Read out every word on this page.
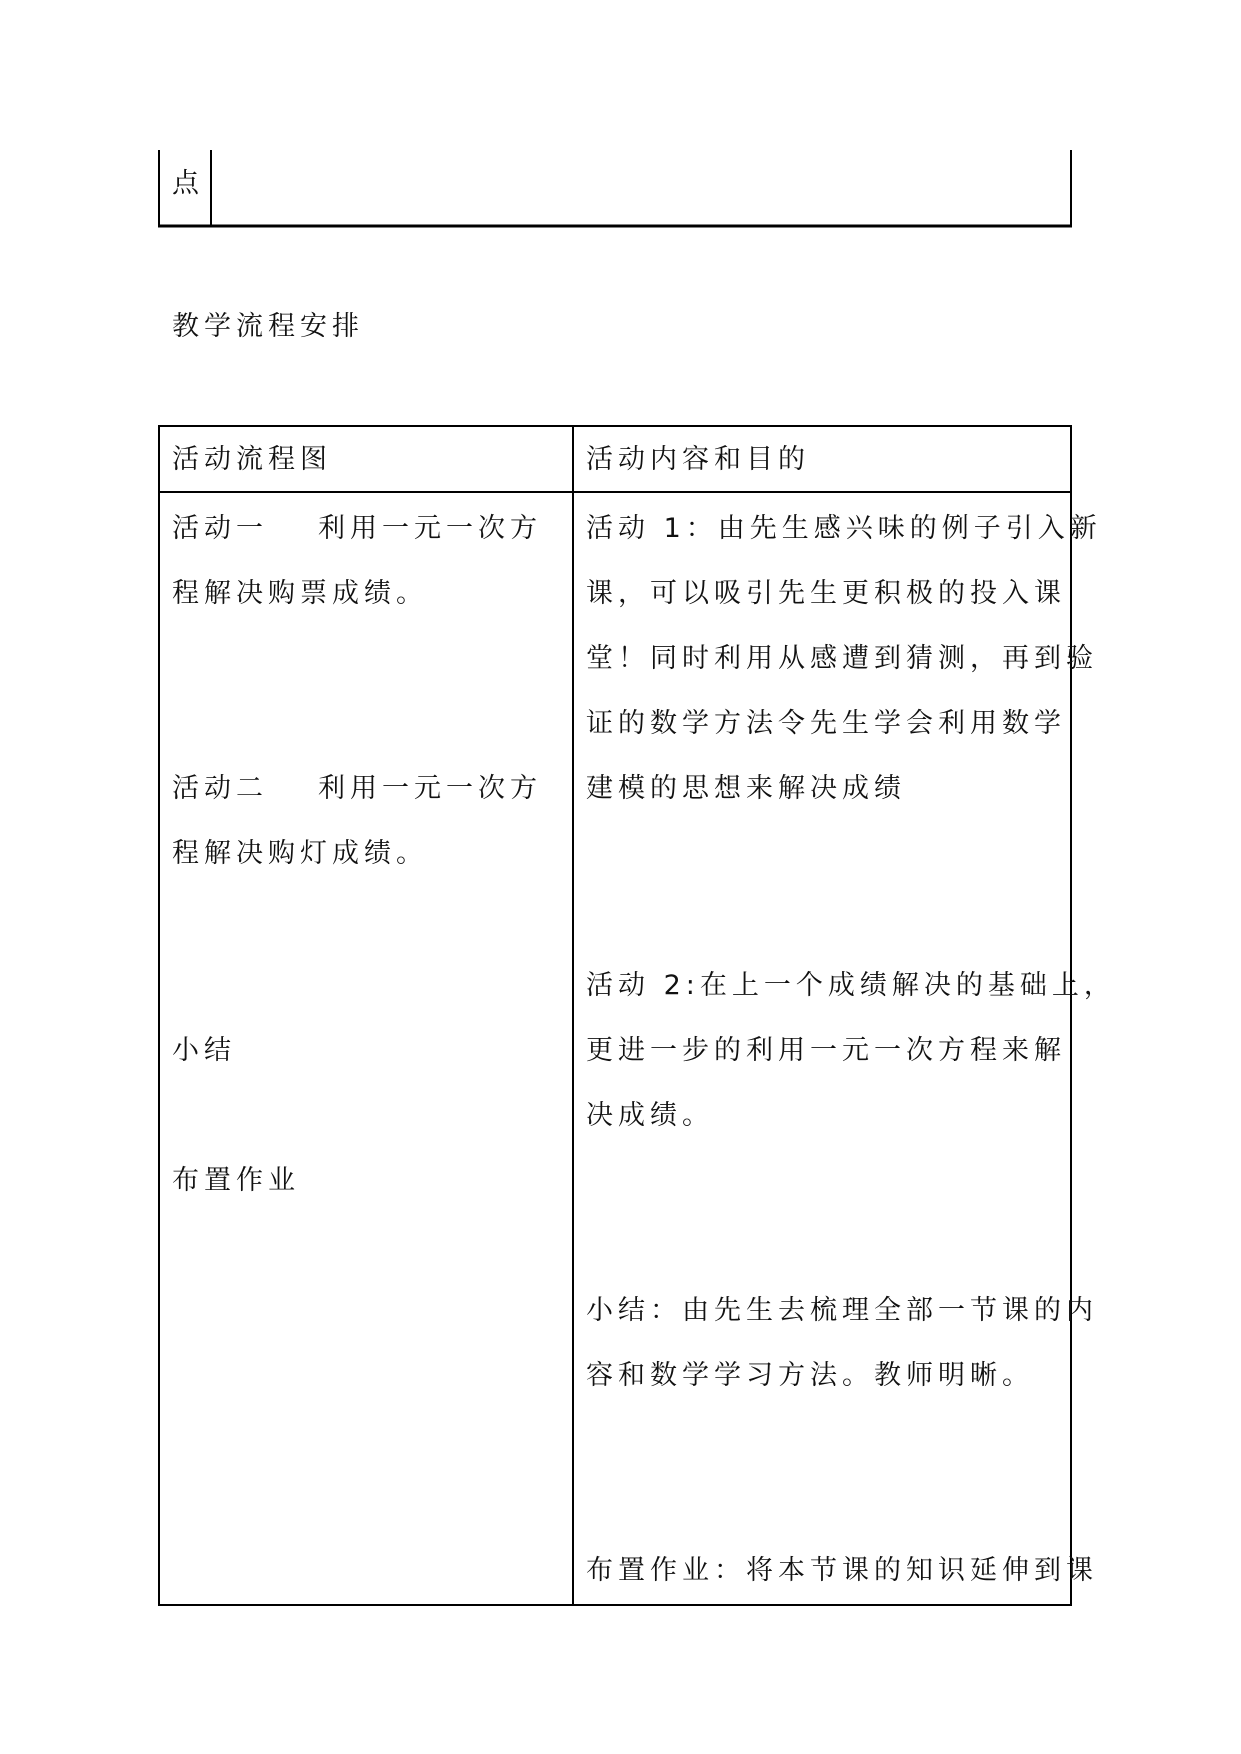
点
教学流程安排
活动流程图	活动内容和目的
活动一 利用一元一次方
程解决购票成绩。
活动二 利用一元一次方
程解决购灯成绩。
小结
布置作业
活动 1：由先生感兴味的例子引入新
课，可以吸引先生更积极的投入课
堂！同时利用从感遭到猜测，再到验
证的数学方法令先生学会利用数学
建模的思想来解决成绩
活动 2:在上一个成绩解决的基础上，
更进一步的利用一元一次方程来解
决成绩。
小结：由先生去梳理全部一节课的内
容和数学学习方法。教师明晰。
布置作业：将本节课的知识延伸到课
